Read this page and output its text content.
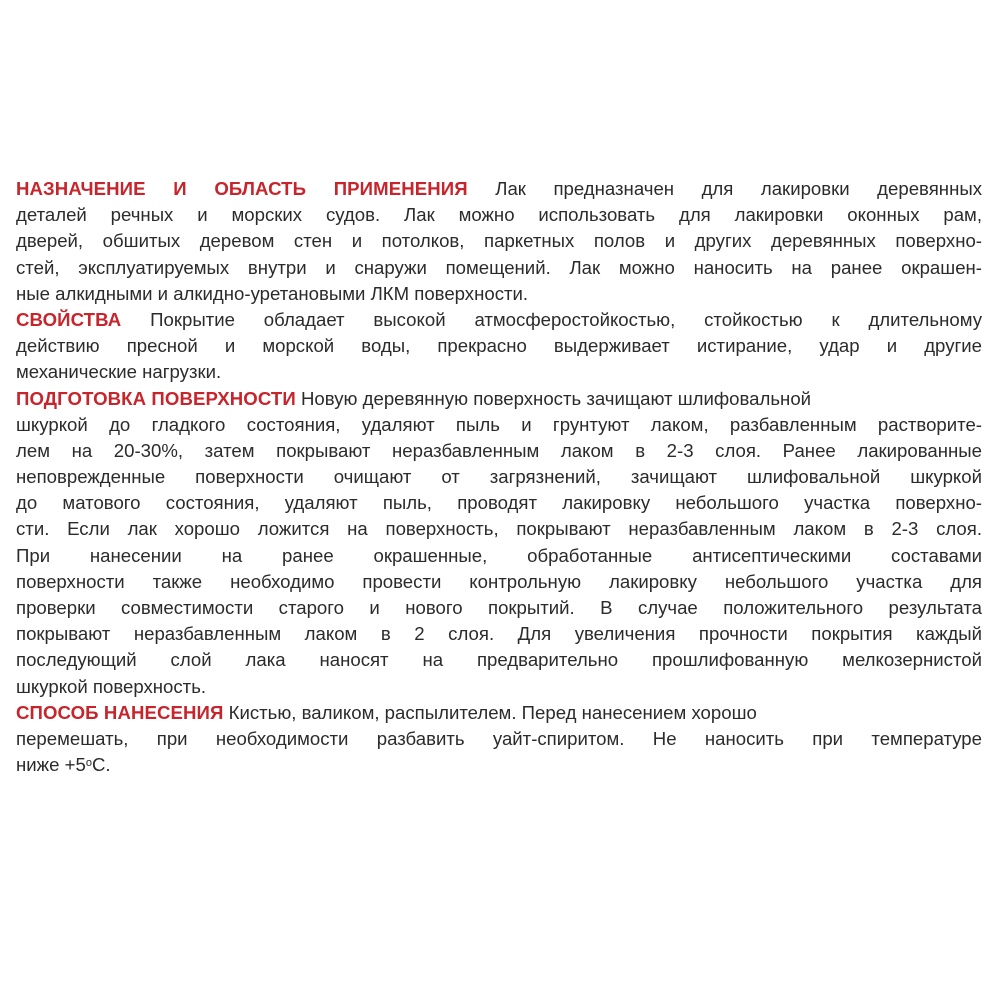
НАЗНАЧЕНИЕ И ОБЛАСТЬ ПРИМЕНЕНИЯ Лак предназначен для лакировки деревянных
деталей речных и морских судов. Лак можно использовать для лакировки оконных рам,
дверей, обшитых деревом стен и потолков, паркетных полов и других деревянных поверхно-
стей, эксплуатируемых внутри и снаружи помещений. Лак можно наносить на ранее окрашен-
ные алкидными и алкидно-уретановыми ЛКМ поверхности.
СВОЙСТВА Покрытие обладает высокой атмосферостойкостью, стойкостью к длительному
действию пресной и морской воды, прекрасно выдерживает истирание, удар и другие
механические нагрузки.
ПОДГОТОВКА ПОВЕРХНОСТИ Новую деревянную поверхность зачищают шлифовальной
шкуркой до гладкого состояния, удаляют пыль и грунтуют лаком, разбавленным растворите-
лем на 20-30%, затем покрывают неразбавленным лаком в 2-3 слоя. Ранее лакированные
неповрежденные поверхности очищают от загрязнений, зачищают шлифовальной шкуркой
до матового состояния, удаляют пыль, проводят лакировку небольшого участка поверхно-
сти. Если лак хорошо ложится на поверхность, покрывают неразбавленным лаком в 2-3 слоя.
При нанесении на ранее окрашенные, обработанные антисептическими составами
поверхности также необходимо провести контрольную лакировку небольшого участка для
проверки совместимости старого и нового покрытий. В случае положительного результата
покрывают неразбавленным лаком в 2 слоя. Для увеличения прочности покрытия каждый
последующий слой лака наносят на предварительно прошлифованную мелкозернистой
шкуркой поверхность.
СПОСОБ НАНЕСЕНИЯ Кистью, валиком, распылителем. Перед нанесением хорошо
перемешать, при необходимости разбавить уайт-спиритом. Не наносить при температуре
ниже $+5^оС$.
